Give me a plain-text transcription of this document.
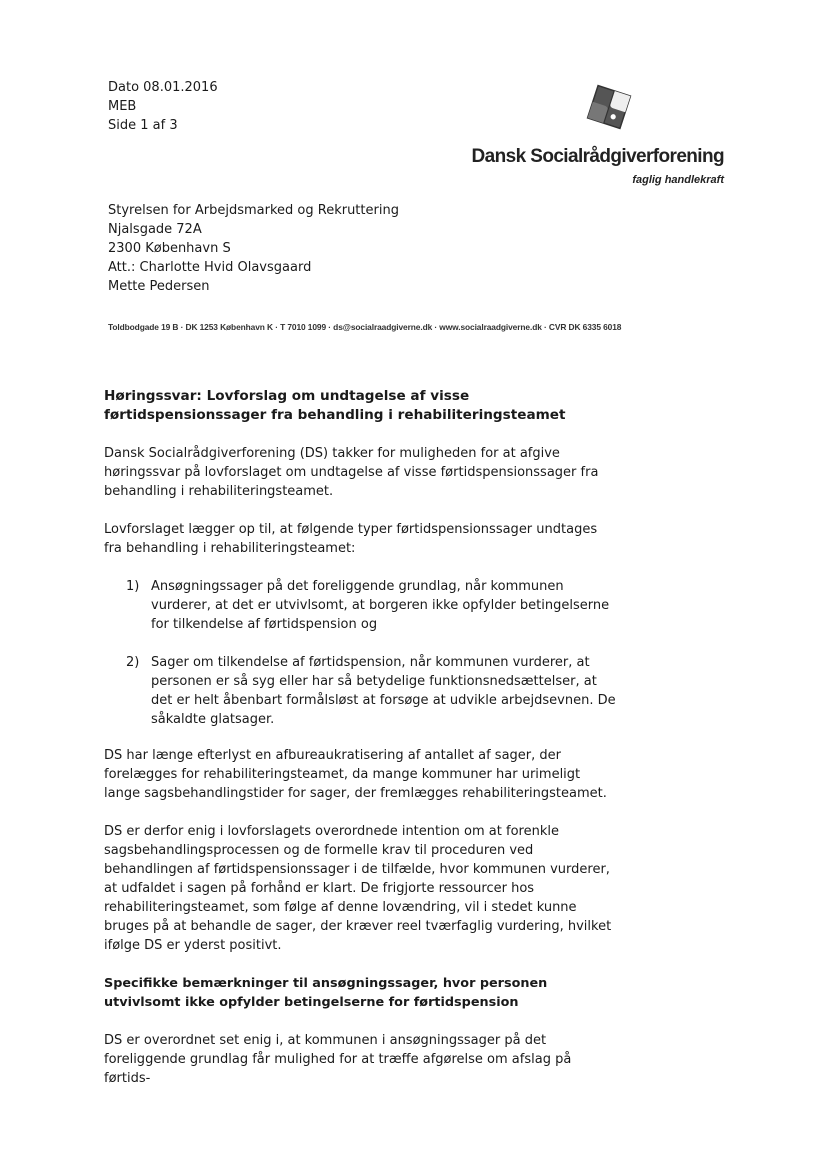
Dato 08.01.2016
MEB
Side 1 af 3
Dansk Socialrådgiverforening
faglig handlekraft
Styrelsen for Arbejdsmarked og Rekruttering
Njalsgade 72A
2300 København S
Att.: Charlotte Hvid Olavsgaard
Mette Pedersen
Toldbodgade 19 B · DK 1253 København K · T 7010 1099 · ds@socialraadgiverne.dk · www.socialraadgiverne.dk · CVR DK 6335 6018

Høringssvar: Lovforslag om undtagelse af visse førtidspensionssager fra behandling i rehabiliteringsteamet

Dansk Socialrådgiverforening (DS) takker for muligheden for at afgive høringssvar på lovforslaget om undtagelse af visse førtidspensionssager fra behandling i rehabiliteringsteamet.

Lovforslaget lægger op til, at følgende typer førtidspensionssager undtages fra behandling i rehabiliteringsteamet:

1) Ansøgningssager på det foreliggende grundlag, når kommunen vurderer, at det er utvivlsomt, at borgeren ikke opfylder betingelserne for tilkendelse af førtidspension og
2) Sager om tilkendelse af førtidspension, når kommunen vurderer, at personen er så syg eller har så betydelige funktionsnedsættelser, at det er helt åbenbart formålsløst at forsøge at udvikle arbejdsevnen. De såkaldte glatsager.

DS har længe efterlyst en afbureaukratisering af antallet af sager, der forelægges for rehabiliteringsteamet, da mange kommuner har urimeligt lange sagsbehandlingstider for sager, der fremlægges rehabiliteringsteamet.

DS er derfor enig i lovforslagets overordnede intention om at forenkle sagsbehandlingsprocessen og de formelle krav til proceduren ved behandlingen af førtidspensionssager i de tilfælde, hvor kommunen vurderer, at udfaldet i sagen på forhånd er klart. De frigjorte ressourcer hos rehabiliteringsteamet, som følge af denne lovændring, vil i stedet kunne bruges på at behandle de sager, der kræver reel tværfaglig vurdering, hvilket ifølge DS er yderst positivt.

Specifikke bemærkninger til ansøgningssager, hvor personen utvivlsomt ikke opfylder betingelserne for førtidspension

DS er overordnet set enig i, at kommunen i ansøgningssager på det foreliggende grundlag får mulighed for at træffe afgørelse om afslag på førtids-
